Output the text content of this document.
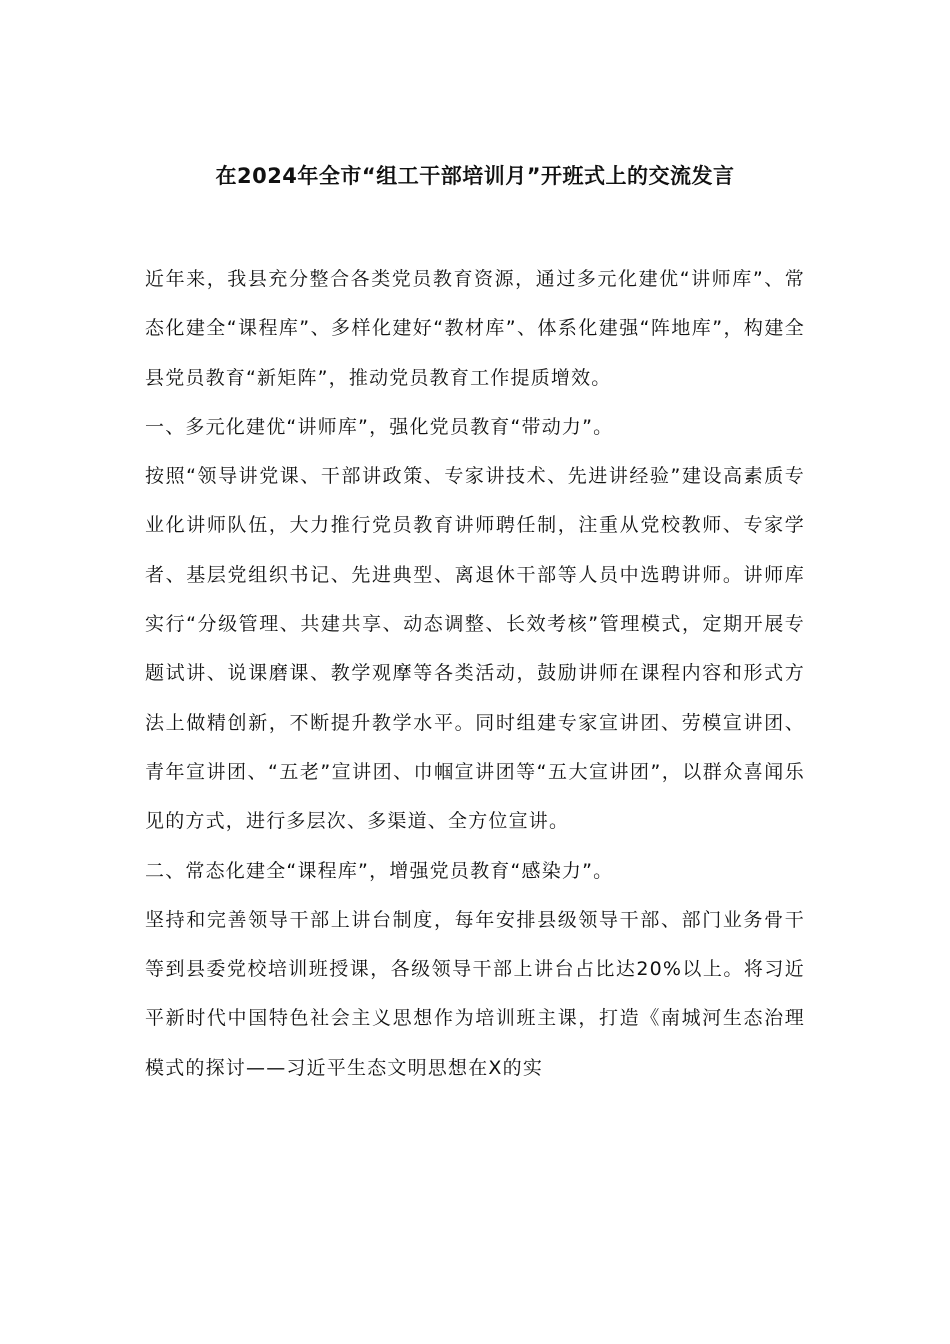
在2024年全市“组工干部培训月”开班式上的交流发言

近年来，我县充分整合各类党员教育资源，通过多元化建优“讲师库”、常态化建全“课程库”、多样化建好“教材库”、体系化建强“阵地库”，构建全县党员教育“新矩阵”，推动党员教育工作提质增效。

一、多元化建优“讲师库”，强化党员教育“带动力”。

按照“领导讲党课、干部讲政策、专家讲技术、先进讲经验”建设高素质专业化讲师队伍，大力推行党员教育讲师聘任制，注重从党校教师、专家学者、基层党组织书记、先进典型、离退休干部等人员中选聘讲师。讲师库实行“分级管理、共建共享、动态调整、长效考核”管理模式，定期开展专题试讲、说课磨课、教学观摩等各类活动，鼓励讲师在课程内容和形式方法上做精创新，不断提升教学水平。同时组建专家宣讲团、劳模宣讲团、青年宣讲团、“五老”宣讲团、巾帼宣讲团等“五大宣讲团”，以群众喜闻乐见的方式，进行多层次、多渠道、全方位宣讲。

二、常态化建全“课程库”，增强党员教育“感染力”。

坚持和完善领导干部上讲台制度，每年安排县级领导干部、部门业务骨干等到县委党校培训班授课，各级领导干部上讲台占比达20%以上。将习近平新时代中国特色社会主义思想作为培训班主课，打造《南城河生态治理模式的探讨——习近平生态文明思想在X的实
